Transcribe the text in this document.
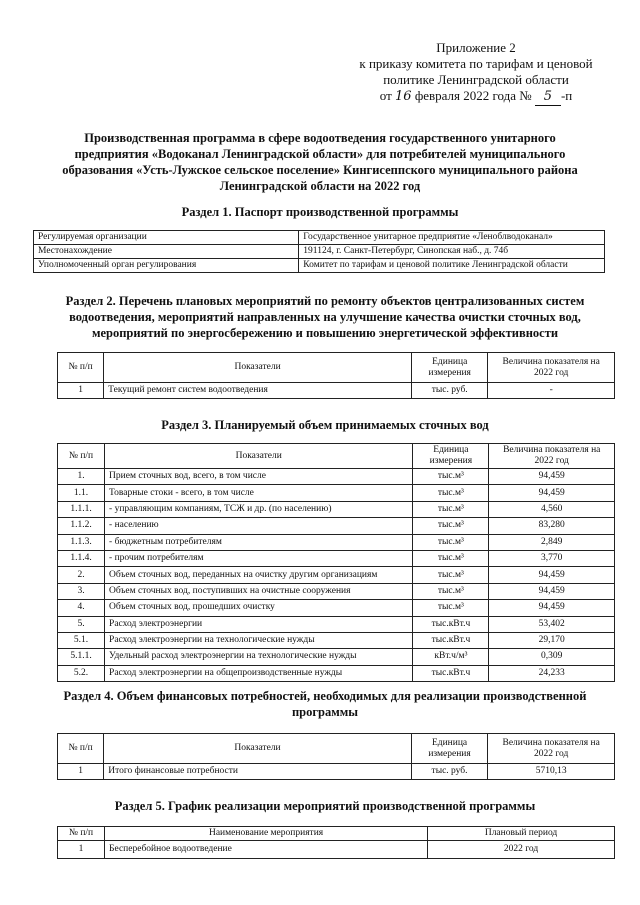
Приложение 2
к приказу комитета по тарифам и ценовой
политике Ленинградской области
от 16 февраля 2022 года № 5 -п
Производственная программа в сфере водоотведения государственного унитарного предприятия «Водоканал Ленинградской области» для потребителей муниципального образования «Усть-Лужское сельское поселение» Кингисеппского муниципального района Ленинградской области на 2022 год
Раздел 1. Паспорт производственной программы
Регулируемая организации	Государственное унитарное предприятие «Леноблводоканал»
Местонахождение	191124, г. Санкт-Петербург, Синопская наб., д. 74б
Уполномоченный орган регулирования	Комитет по тарифам и ценовой политике Ленинградской области
Раздел 2. Перечень плановых мероприятий по ремонту объектов централизованных систем водоотведения, мероприятий направленных на улучшение качества очистки сточных вод, мероприятий по энергосбережению и повышению энергетической эффективности
№ п/п	Показатели	Единица измерения	Величина показателя на 2022 год
1	Текущий ремонт систем водоотведения	тыс. руб.	-
Раздел 3. Планируемый объем принимаемых сточных вод
№ п/п	Показатели	Единица измерения	Величина показателя на 2022 год
1.	Прием сточных вод, всего, в том числе	тыс.м³	94,459
1.1.	Товарные стоки - всего, в том числе	тыс.м³	94,459
1.1.1.	- управляющим компаниям, ТСЖ и др. (по населению)	тыс.м³	4,560
1.1.2.	- населению	тыс.м³	83,280
1.1.3.	- бюджетным потребителям	тыс.м³	2,849
1.1.4.	- прочим потребителям	тыс.м³	3,770
2.	Объем сточных вод, переданных на очистку другим организациям	тыс.м³	94,459
3.	Объем сточных вод, поступивших на очистные сооружения	тыс.м³	94,459
4.	Объем сточных вод, прошедших очистку	тыс.м³	94,459
5.	Расход электроэнергии	тыс.кВт.ч	53,402
5.1.	Расход электроэнергии на технологические нужды	тыс.кВт.ч	29,170
5.1.1.	Удельный расход электроэнергии на технологические нужды	кВт.ч/м³	0,309
5.2.	Расход электроэнергии на общепроизводственные нужды	тыс.кВт.ч	24,233
Раздел 4. Объем финансовых потребностей, необходимых для реализации производственной программы
№ п/п	Показатели	Единица измерения	Величина показателя на 2022 год
1	Итого финансовые потребности	тыс. руб.	5710,13
Раздел 5. График реализации мероприятий производственной программы
№ п/п	Наименование мероприятия	Плановый период
1	Бесперебойное водоотведение	2022 год
